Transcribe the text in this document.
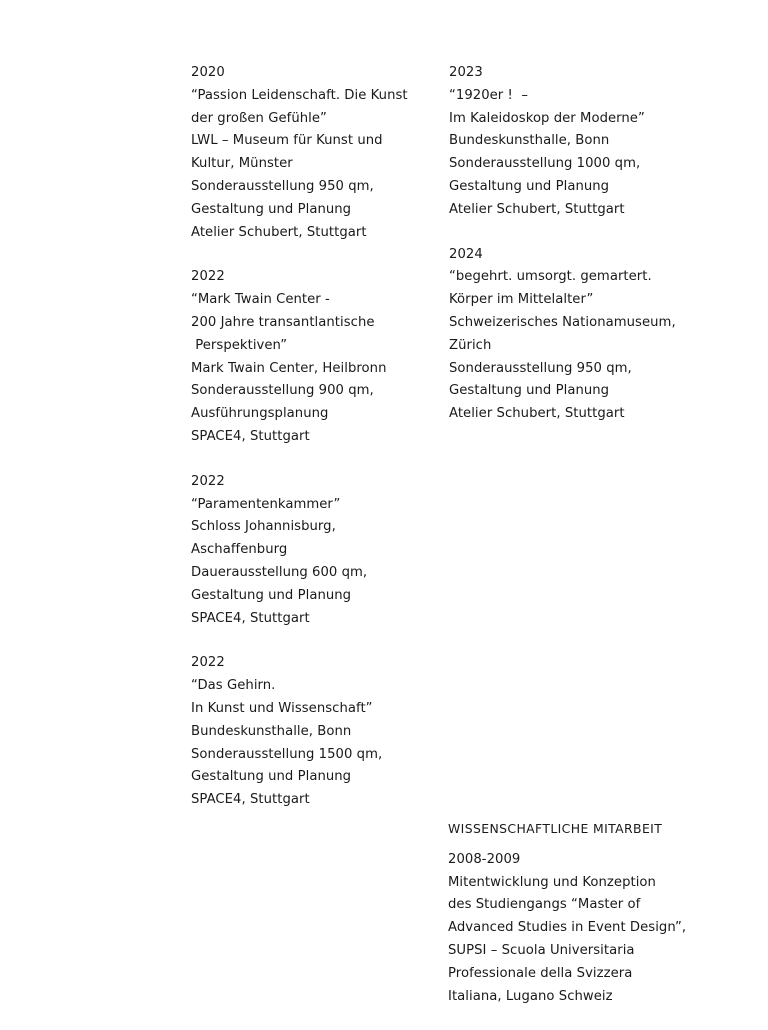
2020
“Passion Leidenschaft. Die Kunst
der großen Gefühle”
LWL – Museum für Kunst und
Kultur, Münster
Sonderausstellung 950 qm,
Gestaltung und Planung
Atelier Schubert, Stuttgart
2022
“Mark Twain Center -
200 Jahre transantlantische
Perspektiven”
Mark Twain Center, Heilbronn
Sonderausstellung 900 qm,
Ausführungsplanung
SPACE4, Stuttgart
2022
“Paramentenkammer”
Schloss Johannisburg,
Aschaffenburg
Dauerausstellung 600 qm,
Gestaltung und Planung
SPACE4, Stuttgart
2022
“Das Gehirn.
In Kunst und Wissenschaft”
Bundeskunsthalle, Bonn
Sonderausstellung 1500 qm,
Gestaltung und Planung
SPACE4, Stuttgart
2023
“1920er !  –
Im Kaleidoskop der Moderne”
Bundeskunsthalle, Bonn
Sonderausstellung 1000 qm,
Gestaltung und Planung
Atelier Schubert, Stuttgart
2024
“begehrt. umsorgt. gemartert.
Körper im Mittelalter”
Schweizerisches Nationamuseum,
Zürich
Sonderausstellung 950 qm,
Gestaltung und Planung
Atelier Schubert, Stuttgart
WISSENSCHAFTLICHE MITARBEIT
2008-2009
Mitentwicklung und Konzeption
des Studiengangs “Master of
Advanced Studies in Event Design”,
SUPSI – Scuola Universitaria
Professionale della Svizzera
Italiana, Lugano Schweiz
